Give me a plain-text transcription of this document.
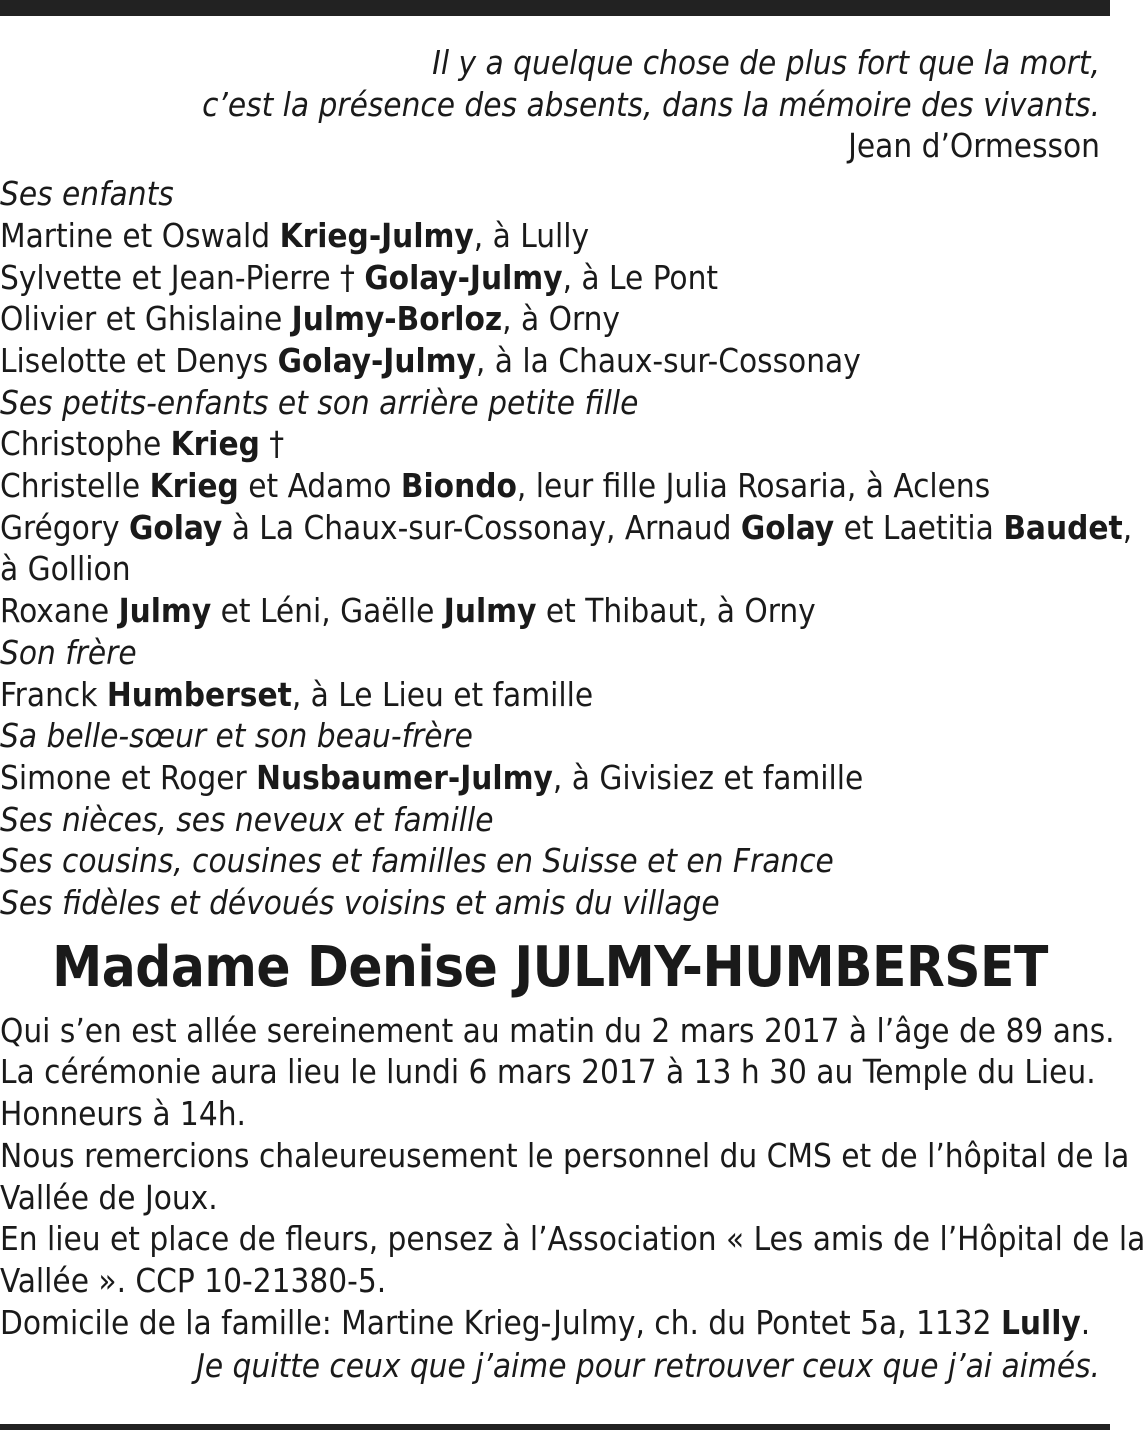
Il y a quelque chose de plus fort que la mort,
c’est la présence des absents, dans la mémoire des vivants.
Jean d’Ormesson
Ses enfants
Martine et Oswald Krieg-Julmy, à Lully
Sylvette et Jean-Pierre † Golay-Julmy, à Le Pont
Olivier et Ghislaine Julmy-Borloz, à Orny
Liselotte et Denys Golay-Julmy, à la Chaux-sur-Cossonay
Ses petits-enfants et son arrière petite fille
Christophe Krieg †
Christelle Krieg et Adamo Biondo, leur fille Julia Rosaria, à Aclens
Grégory Golay à La Chaux-sur-Cossonay, Arnaud Golay et Laetitia Baudet,
à Gollion
Roxane Julmy et Léni, Gaëlle Julmy et Thibaut, à Orny
Son frère
Franck Humberset, à Le Lieu et famille
Sa belle-sœur et son beau-frère
Simone et Roger Nusbaumer-Julmy, à Givisiez et famille
Ses nièces, ses neveux et famille
Ses cousins, cousines et familles en Suisse et en France
Ses fidèles et dévoués voisins et amis du village
Madame Denise JULMY-HUMBERSET
Qui s’en est allée sereinement au matin du 2 mars 2017 à l’âge de 89 ans.
La cérémonie aura lieu le lundi 6 mars 2017 à 13 h 30 au Temple du Lieu.
Honneurs à 14h.
Nous remercions chaleureusement le personnel du CMS et de l’hôpital de la
Vallée de Joux.
En lieu et place de fleurs, pensez à l’Association « Les amis de l’Hôpital de la
Vallée ». CCP 10-21380-5.
Domicile de la famille: Martine Krieg-Julmy, ch. du Pontet 5a, 1132 Lully.
Je quitte ceux que j’aime pour retrouver ceux que j’ai aimés.
